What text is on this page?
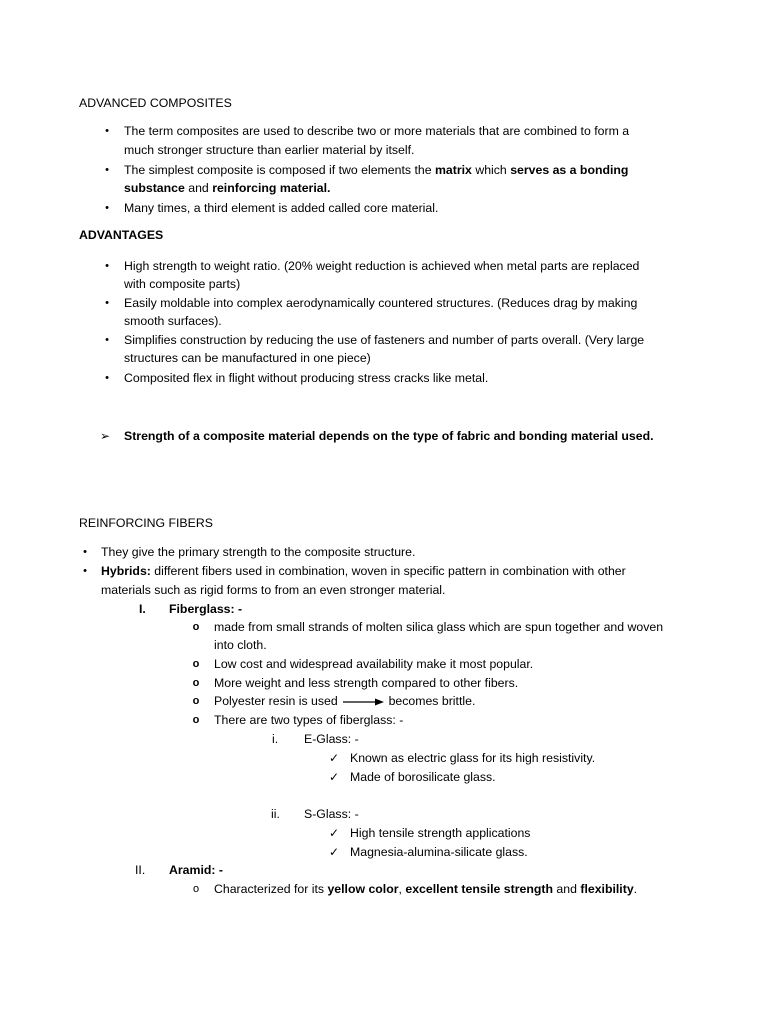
ADVANCED COMPOSITES
•	The term composites are used to describe two or more materials that are combined to form a
much stronger structure than earlier material by itself.
•	The simplest composite is composed if two elements the matrix which serves as a bonding
substance and reinforcing material.
•	Many times, a third element is added called core material.
ADVANTAGES
•	High strength to weight ratio. (20% weight reduction is achieved when metal parts are replaced
with composite parts)
•	Easily moldable into complex aerodynamically countered structures. (Reduces drag by making
smooth surfaces).
•	Simplifies construction by reducing the use of fasteners and number of parts overall. (Very large
structures can be manufactured in one piece)
•	Composited flex in flight without producing stress cracks like metal.
➢ Strength of a composite material depends on the type of fabric and bonding material used.
REINFORCING FIBERS
•	They give the primary strength to the composite structure.
•	Hybrids: different fibers used in combination, woven in specific pattern in combination with other
materials such as rigid forms to from an even stronger material.
I. Fiberglass: -
o made from small strands of molten silica glass which are spun together and woven
into cloth.
o Low cost and widespread availability make it most popular.
o More weight and less strength compared to other fibers.
o Polyester resin is used	becomes brittle.
o There are two types of fiberglass: -
i. E-Glass: -
✓ Known as electric glass for its high resistivity.
✓ Made of borosilicate glass.
ii. S-Glass: -
✓ High tensile strength applications
✓ Magnesia-alumina-silicate glass.
II. Aramid: -
o Characterized for its yellow color, excellent tensile strength and flexibility.
